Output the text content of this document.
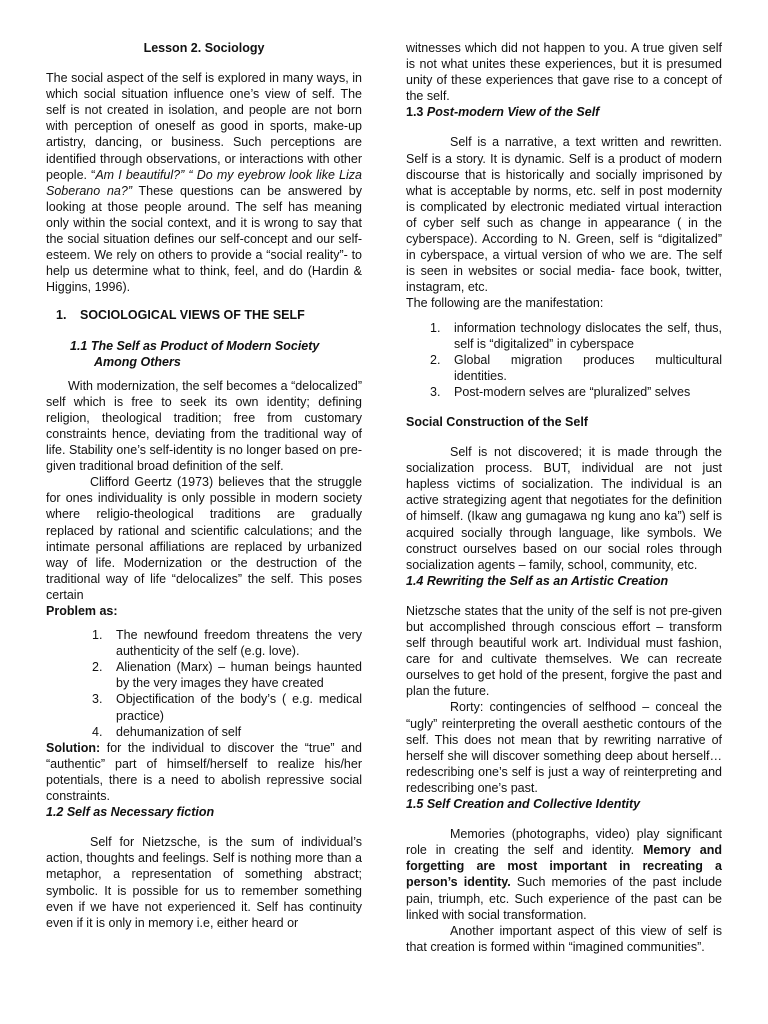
Lesson 2. Sociology

The social aspect of the self is explored in many ways, in which social situation influence one’s view of self. The self is not created in isolation, and people are not born with perception of oneself as good in sports, make-up artistry, dancing, or business. Such perceptions are identified through observations, or interactions with other people. “Am I beautiful?” “ Do my eyebrow look like Liza Soberano na?” These questions can be answered by looking at those people around. The self has meaning only within the social context, and it is wrong to say that the social situation defines our self-concept and our self-esteem. We rely on others to provide a “social reality”- to help us determine what to think, feel, and do (Hardin & Higgins, 1996).

1.	SOCIOLOGICAL VIEWS OF THE SELF
1.1 The Self as Product of Modern Society
Among Others

With modernization, the self becomes a “delocalized” self which is free to seek its own identity; defining religion, theological tradition; free from customary constraints hence, deviating from the traditional way of life. Stability one’s self-identity is no longer based on pre-given traditional broad definition of the self.

Clifford Geertz (1973) believes that the struggle for ones individuality is only possible in modern society where religio-theological traditions are gradually replaced by rational and scientific calculations; and the intimate personal affiliations are replaced by urbanized way of life. Modernization or the destruction of the traditional way of life “delocalizes” the self. This poses certain

Problem as:

1.	The newfound freedom threatens the very authenticity of the self (e.g. love).
2.	Alienation (Marx) – human beings haunted by the very images they have created
3.	Objectification of the body’s ( e.g. medical practice)
4.	dehumanization of self

Solution: for the individual to discover the “true” and “authentic” part of himself/herself to realize his/her potentials, there is a need to abolish repressive social constraints.

1.2 Self as Necessary fiction

Self for Nietzsche, is the sum of individual’s action, thoughts and feelings. Self is nothing more than a metaphor, a representation of something abstract; symbolic. It is possible for us to remember something even if we have not experienced it. Self has continuity even if it is only in memory i.e, either heard or

witnesses which did not happen to you. A true given self is not what unites these experiences, but it is presumed unity of these experiences that gave rise to a concept of the self.

1.3 Post-modern View of the Self

Self is a narrative, a text written and rewritten. Self is a story. It is dynamic. Self is a product of modern discourse that is historically and socially imprisoned by what is acceptable by norms, etc. self in post modernity is complicated by electronic mediated virtual interaction of cyber self such as change in appearance ( in the cyberspace). According to N. Green, self is “digitalized” in cyberspace, a virtual version of who we are. The self is seen in websites or social media- face book, twitter, instagram, etc.

The following are the manifestation:

1.	information technology dislocates the self, thus, self is “digitalized” in cyberspace
2.	Global migration produces multicultural identities.
3.	Post-modern selves are “pluralized” selves

Social Construction of the Self

Self is not discovered; it is made through the socialization process. BUT, individual are not just hapless victims of socialization. The individual is an active strategizing agent that negotiates for the definition of himself. (Ikaw ang gumagawa ng kung ano ka”) self is acquired socially through language, like symbols. We construct ourselves based on our social roles through socialization agents – family, school, community, etc.

1.4 Rewriting the Self as an Artistic Creation

Nietzsche states that the unity of the self is not pre-given but accomplished through conscious effort – transform self through beautiful work art. Individual must fashion, care for and cultivate themselves. We can recreate ourselves to get hold of the present, forgive the past and plan the future.

Rorty: contingencies of selfhood – conceal the “ugly” reinterpreting the overall aesthetic contours of the self. This does not mean that by rewriting narrative of herself she will discover something deep about herself… redescribing one’s self is just a way of reinterpreting and redescribing one’s past.

1.5 Self Creation and Collective Identity

Memories (photographs, video) play significant role in creating the self and identity. Memory and forgetting are most important in recreating a person’s identity. Such memories of the past include pain, triumph, etc. Such experience of the past can be linked with social transformation.

Another important aspect of this view of self is that creation is formed within “imagined communities”.
